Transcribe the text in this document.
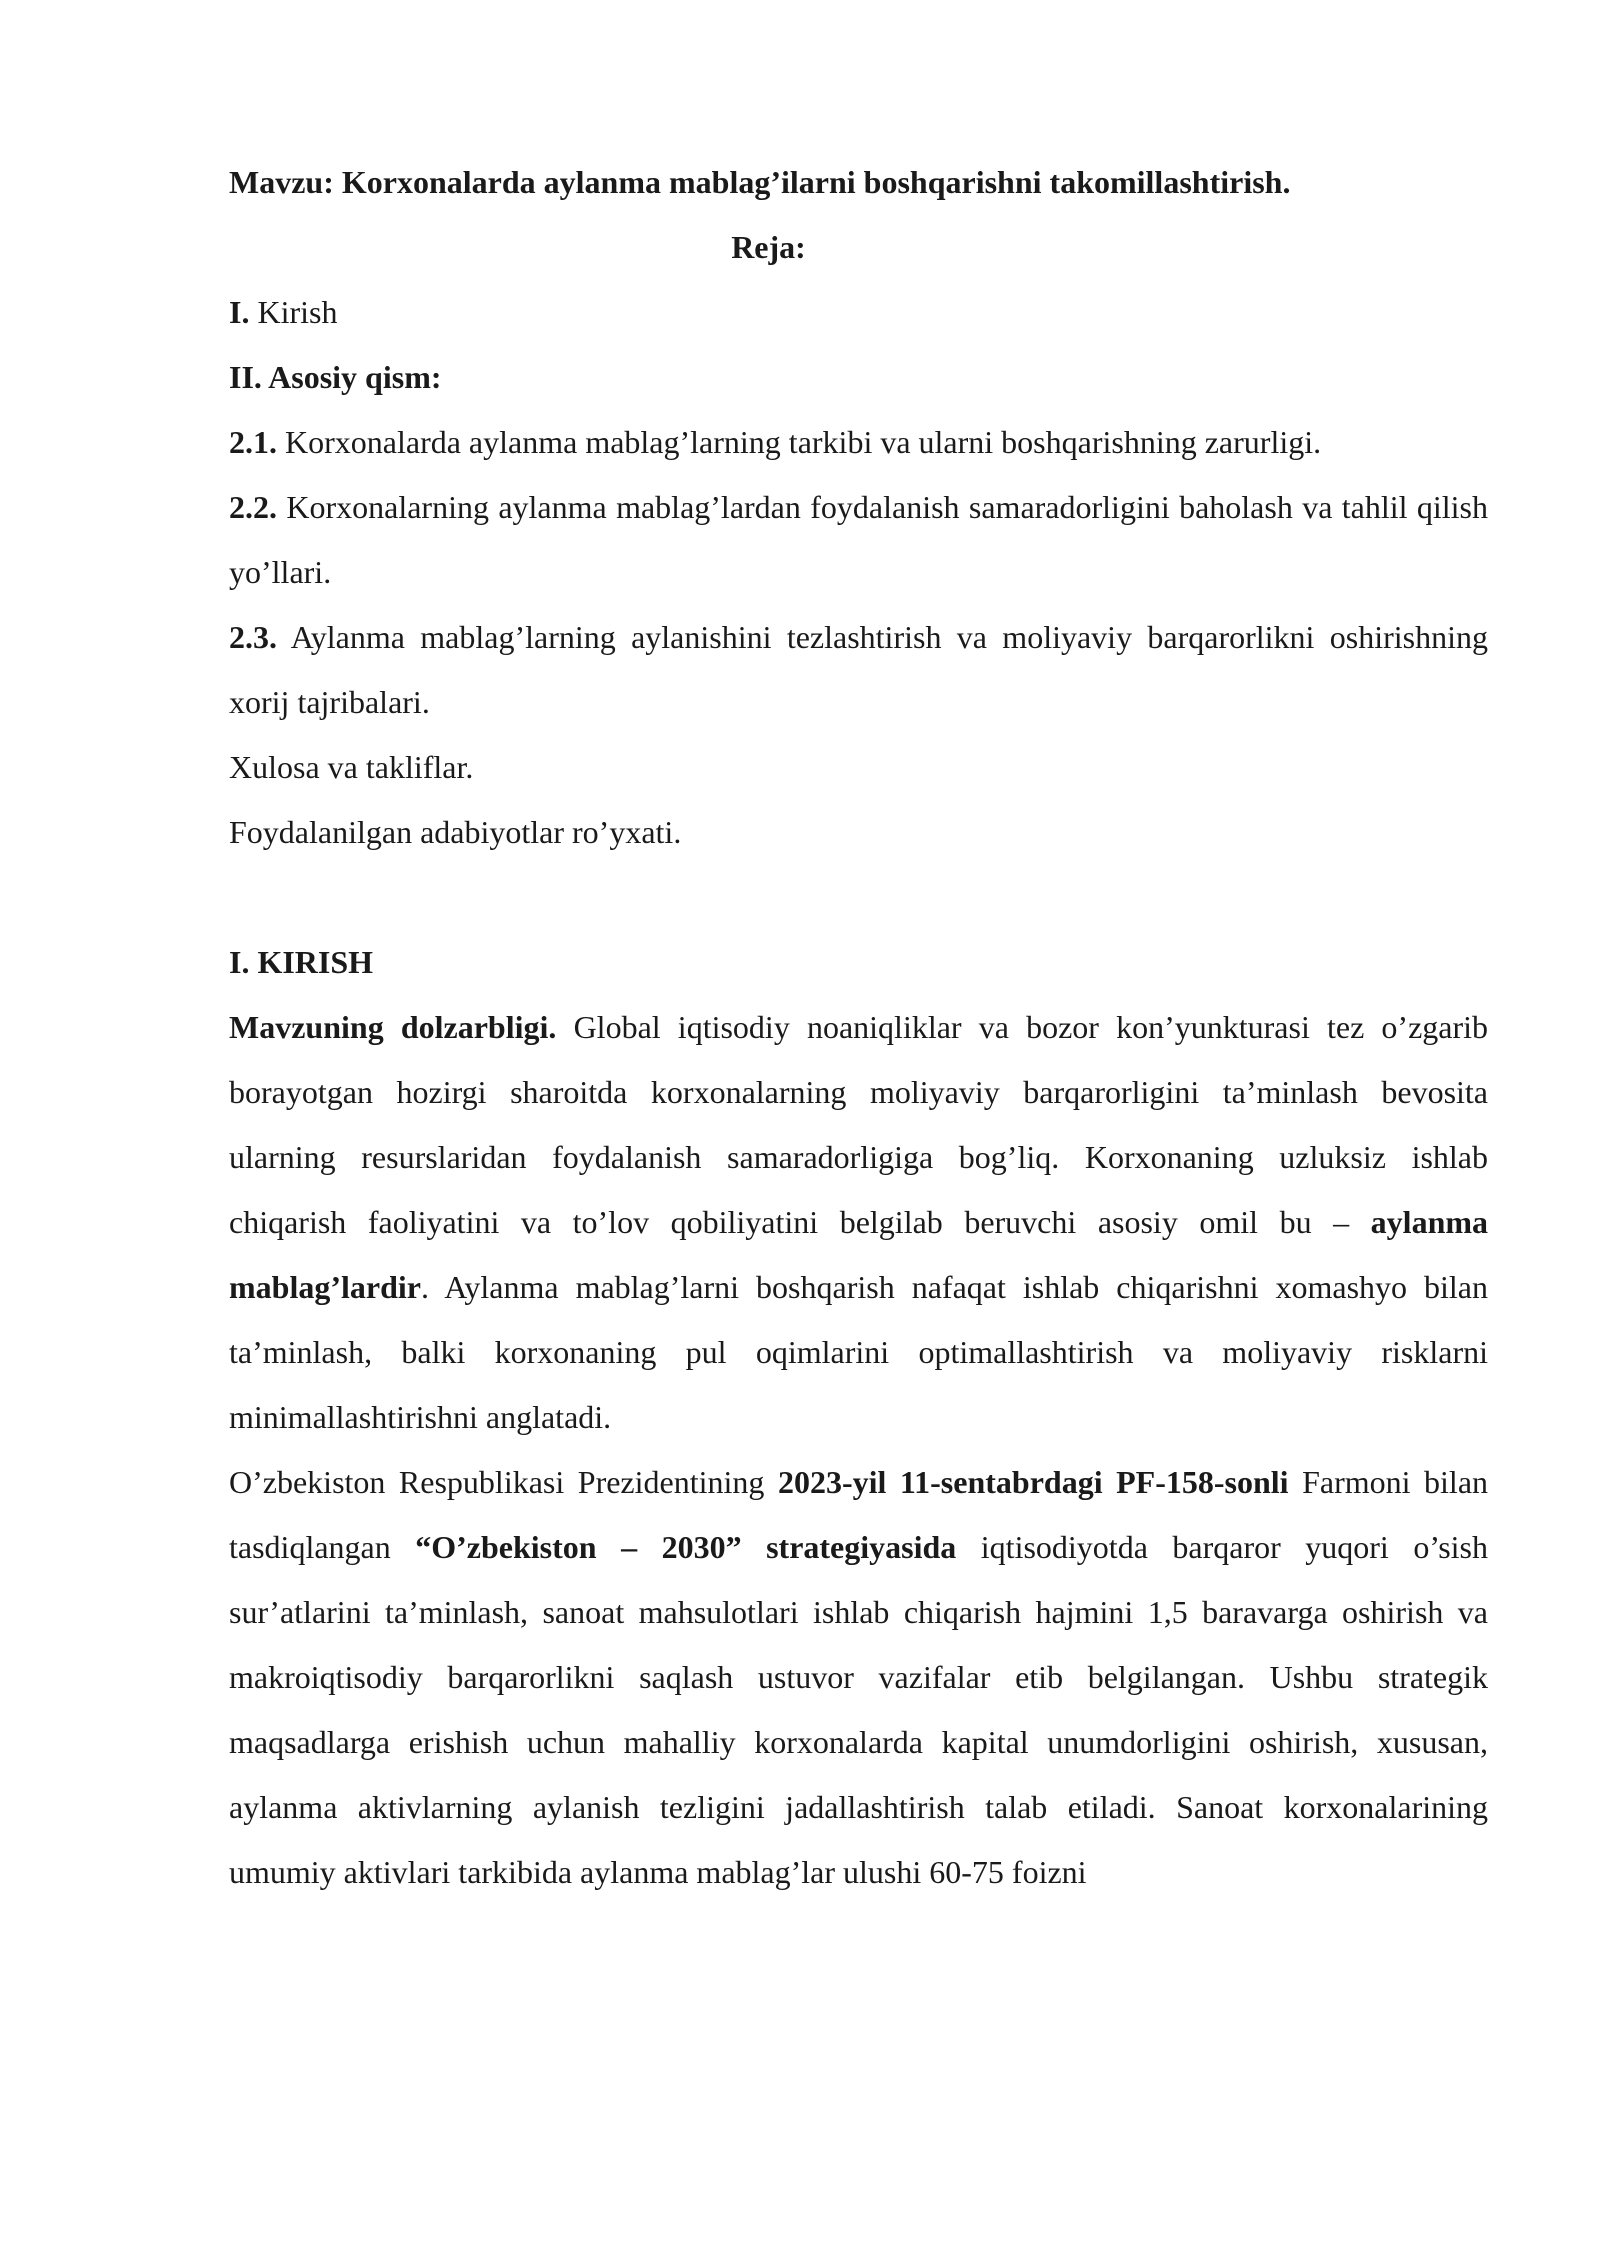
Mavzu: Korxonalarda aylanma mablag’ilarni boshqarishni takomillashtirish.

Reja:

I. Kirish

II. Asosiy qism:

2.1. Korxonalarda aylanma mablag’larning tarkibi va ularni boshqarishning zarurligi.

2.2. Korxonalarning aylanma mablag’lardan foydalanish samaradorligini baholash va tahlil qilish yo’llari.

2.3. Aylanma mablag’larning aylanishini tezlashtirish va moliyaviy barqarorlikni oshirishning xorij tajribalari.

Xulosa va takliflar.

Foydalanilgan adabiyotlar ro’yxati.

I. KIRISH

Mavzuning dolzarbligi. Global iqtisodiy noaniqliklar va bozor kon’yunkturasi tez o’zgarib borayotgan hozirgi sharoitda korxonalarning moliyaviy barqarorligini ta’minlash bevosita ularning resurslaridan foydalanish samaradorligiga bog’liq. Korxonaning uzluksiz ishlab chiqarish faoliyatini va to’lov qobiliyatini belgilab beruvchi asosiy omil bu – aylanma mablag’lardir. Aylanma mablag’larni boshqarish nafaqat ishlab chiqarishni xomashyo bilan ta’minlash, balki korxonaning pul oqimlarini optimallashtirish va moliyaviy risklarni minimallashtirishni anglatadi.

O’zbekiston Respublikasi Prezidentining 2023-yil 11-sentabrdagi PF-158-sonli Farmoni bilan tasdiqlangan “O’zbekiston – 2030” strategiyasida iqtisodiyotda barqaror yuqori o’sish sur’atlarini ta’minlash, sanoat mahsulotlari ishlab chiqarish hajmini 1,5 baravarga oshirish va makroiqtisodiy barqarorlikni saqlash ustuvor vazifalar etib belgilangan. Ushbu strategik maqsadlarga erishish uchun mahalliy korxonalarda kapital unumdorligini oshirish, xususan, aylanma aktivlarning aylanish tezligini jadallashtirish talab etiladi. Sanoat korxonalarining umumiy aktivlari tarkibida aylanma mablag’lar ulushi 60-75 foizni
